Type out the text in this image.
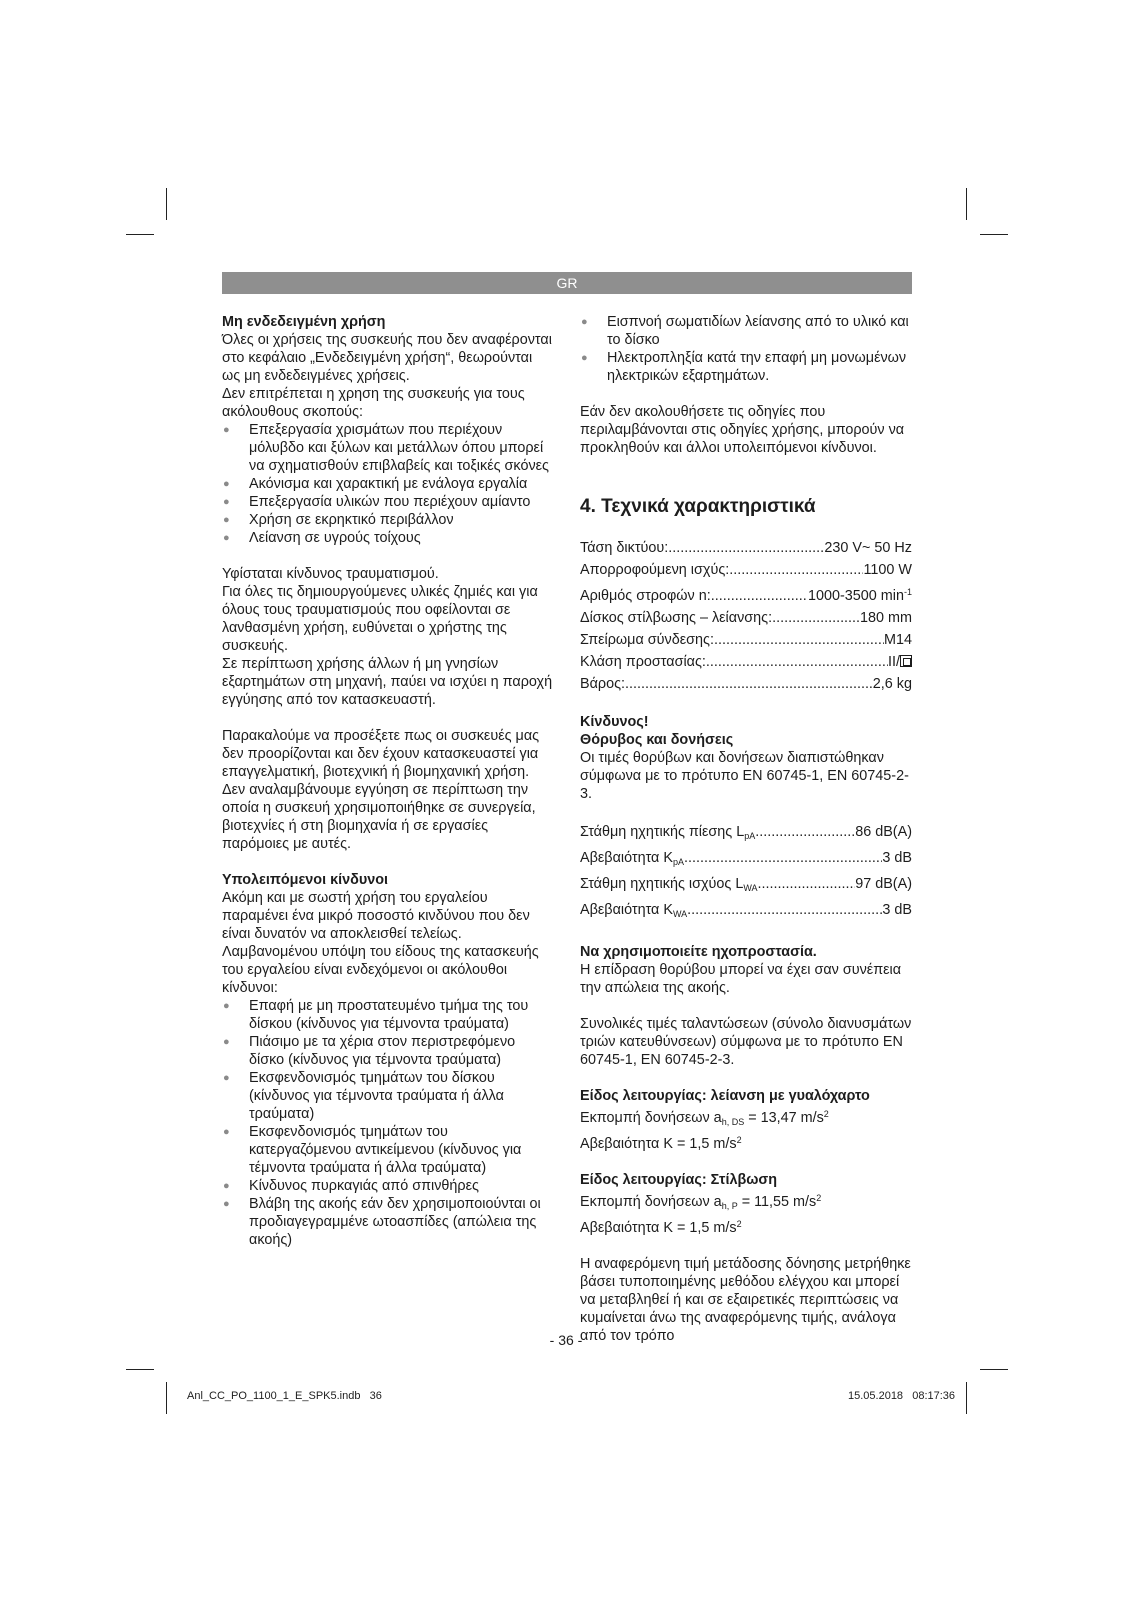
GR
Μη ενδεδειγμένη χρήση
Όλες οι χρήσεις της συσκευής που δεν αναφέρονται στο κεφάλαιο „Ενδεδειγμένη χρήση“, θεωρούνται ως μη ενδεδειγμένες χρήσεις.
Δεν επιτρέπεται η χρηση της συσκευής για τους ακόλουθους σκοπούς:
● Επεξεργασία χρισμάτων που περιέχουν μόλυβδο και ξύλων και μετάλλων όπου μπορεί να σχηματισθούν επιβλαβείς και τοξικές σκόνες
● Ακόνισμα και χαρακτική με ενάλογα εργαλία
● Επεξεργασία υλικών που περιέχουν αμίαντο
● Χρήση σε εκρηκτικό περιβάλλον
● Λείανση σε υγρούς τοίχους
Υφίσταται κίνδυνος τραυματισμού.
Για όλες τις δημιουργούμενες υλικές ζημιές και για όλους τους τραυματισμούς που οφείλονται σε λανθασμένη χρήση, ευθύνεται ο χρήστης της συσκευής.
Σε περίπτωση χρήσης άλλων ή μη γνησίων εξαρτημάτων στη μηχανή, παύει να ισχύει η παροχή εγγύησης από τον κατασκευαστή.
Παρακαλούμε να προσέξετε πως οι συσκευές μας δεν προορίζονται και δεν έχουν κατασκευαστεί για επαγγελματική, βιοτεχνική ή βιομηχανική χρήση. Δεν αναλαμβάνουμε εγγύηση σε περίπτωση την οποία η συσκευή χρησιμοποιήθηκε σε συνεργεία, βιοτεχνίες ή στη βιομηχανία ή σε εργασίες παρόμοιες με αυτές.
Υπολειπόμενοι κίνδυνοι
Ακόμη και με σωστή χρήση του εργαλείου παραμένει ένα μικρό ποσοστό κινδύνου που δεν είναι δυνατόν να αποκλεισθεί τελείως. Λαμβανομένου υπόψη του είδους της κατασκευής του εργαλείου είναι ενδεχόμενοι οι ακόλουθοι κίνδυνοι:
● Επαφή με μη προστατευμένο τμήμα της του δίσκου (κίνδυνος για τέμνοντα τραύματα)
● Πιάσιμο με τα χέρια στον περιστρεφόμενο δίσκο (κίνδυνος για τέμνοντα τραύματα)
● Εκσφενδονισμός τμημάτων του δίσκου (κίνδυνος για τέμνοντα τραύματα ή άλλα τραύματα)
● Εκσφενδονισμός τμημάτων του κατεργαζόμενου αντικείμενου (κίνδυνος για τέμνοντα τραύματα ή άλλα τραύματα)
● Κίνδυνος πυρκαγιάς από σπινθήρες
● Βλάβη της ακοής εάν δεν χρησιμοποιούνται οι προδιαγεγραμμένε ωτοασπίδες (απώλεια της ακοής)
● Εισπνοή σωματιδίων λείανσης από το υλικό και το δίσκο
● Ηλεκτροπληξία κατά την επαφή μη μονωμένων ηλεκτρικών εξαρτημάτων.
Εάν δεν ακολουθήσετε τις οδηγίες που περιλαμβάνονται στις οδηγίες χρήσης, μπορούν να προκληθούν και άλλοι υπολειπόμενοι κίνδυνοι.
4. Τεχνικά χαρακτηριστικά
Τάση δικτύου: .....	230 V~ 50 Hz
Απορροφούμενη ισχύς: .....	1100 W
Αριθμός στροφών n: .....	1000-3500 $\min^{-1}$
Δίσκος στίλβωσης – λείανσης: .....	180 mm
Σπείρωμα σύνδεσης: .....	M14
Κλάση προστασίας: .....	II/
Βάρος: .....	2,6 kg
Κίνδυνος!
Θόρυβος και δονήσεις
Οι τιμές θορύβων και δονήσεων διαπιστώθηκαν σύμφωνα με το πρότυπο EN 60745-1, EN 60745-2-3.
Στάθμη ηχητικής πίεσης $L_{pA}$ .....	86 dB(A)
Αβεβαιότητα $K_{pA}$ .....	3 dB
Στάθμη ηχητικής ισχύος $L_{WA}$ .....	97 dB(A)
Αβεβαιότητα $K_{WA}$ .....	3 dB
Να χρησιμοποιείτε ηχοπροστασία.
Η επίδραση θορύβου μπορεί να έχει σαν συνέπεια την απώλεια της ακοής.
Συνολικές τιμές ταλαντώσεων (σύνολο διανυσμάτων τριών κατευθύνσεων) σύμφωνα με το πρότυπο EN 60745-1, EN 60745-2-3.
Είδος λειτουργίας: λείανση με γυαλόχαρτο
Εκπομπή δονήσεων $a_{h, DS} = 13,47$ $m/s^2$
Αβεβαιότητα K = 1,5 $m/s^2$
Είδος λειτουργίας: Στίλβωση
Εκπομπή δονήσεων $a_{h, P} = 11,55$ $m/s^2$
Αβεβαιότητα K = 1,5 $m/s^2$
Η αναφερόμενη τιμή μετάδοσης δόνησης μετρήθηκε βάσει τυποποιημένης μεθόδου ελέγχου και μπορεί να μεταβληθεί ή και σε εξαιρετικές περιπτώσεις να κυμαίνεται άνω της αναφερόμενης τιμής, ανάλογα από τον τρόπο
- 36 -
Anl_CC_PO_1100_1_E_SPK5.indb   36	15.05.2018   08:17:36
